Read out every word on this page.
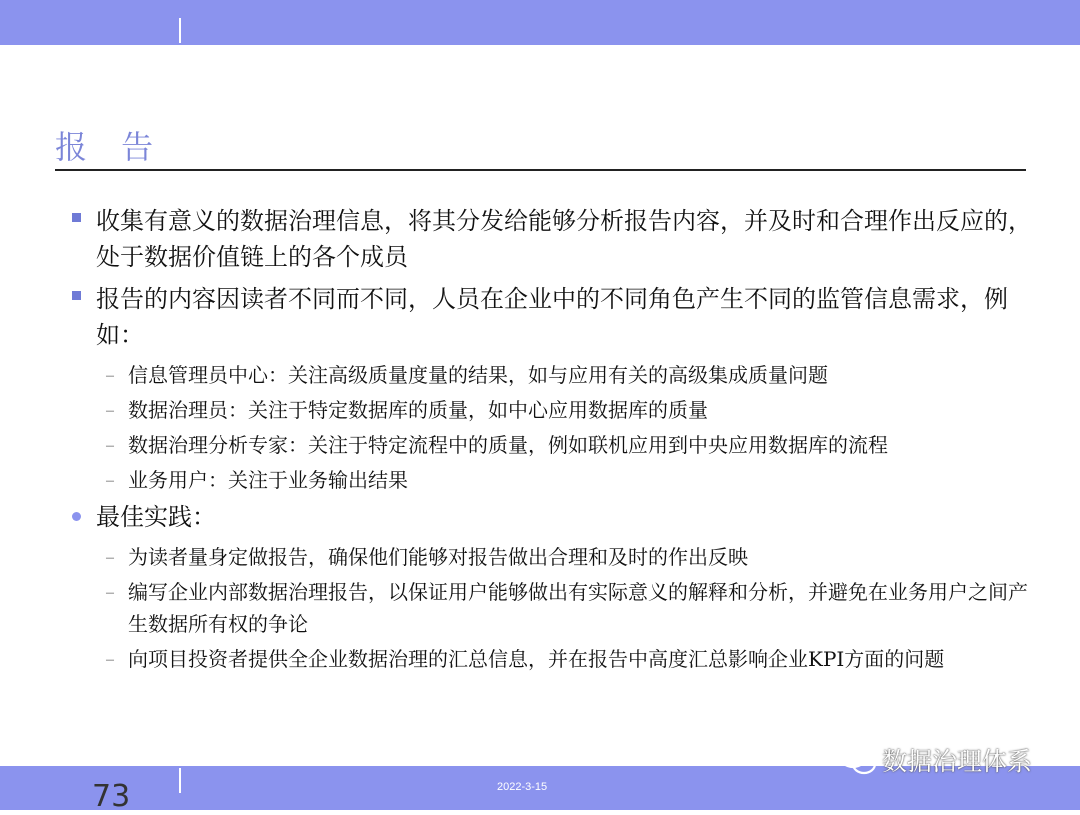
报 告
收集有意义的数据治理信息，将其分发给能够分析报告内容，并及时和合理作出反应的，处于数据价值链上的各个成员
报告的内容因读者不同而不同，人员在企业中的不同角色产生不同的监管信息需求，例如：
– 信息管理员中心：关注高级质量度量的结果，如与应用有关的高级集成质量问题
– 数据治理员：关注于特定数据库的质量，如中心应用数据库的质量
– 数据治理分析专家：关注于特定流程中的质量，例如联机应用到中央应用数据库的流程
– 业务用户：关注于业务输出结果
最佳实践：
– 为读者量身定做报告，确保他们能够对报告做出合理和及时的作出反映
– 编写企业内部数据治理报告，以保证用户能够做出有实际意义的解释和分析，并避免在业务用户之间产生数据所有权的争论
– 向项目投资者提供全企业数据治理的汇总信息，并在报告中高度汇总影响企业KPI方面的问题
73	2022-3-15
数据治理体系
